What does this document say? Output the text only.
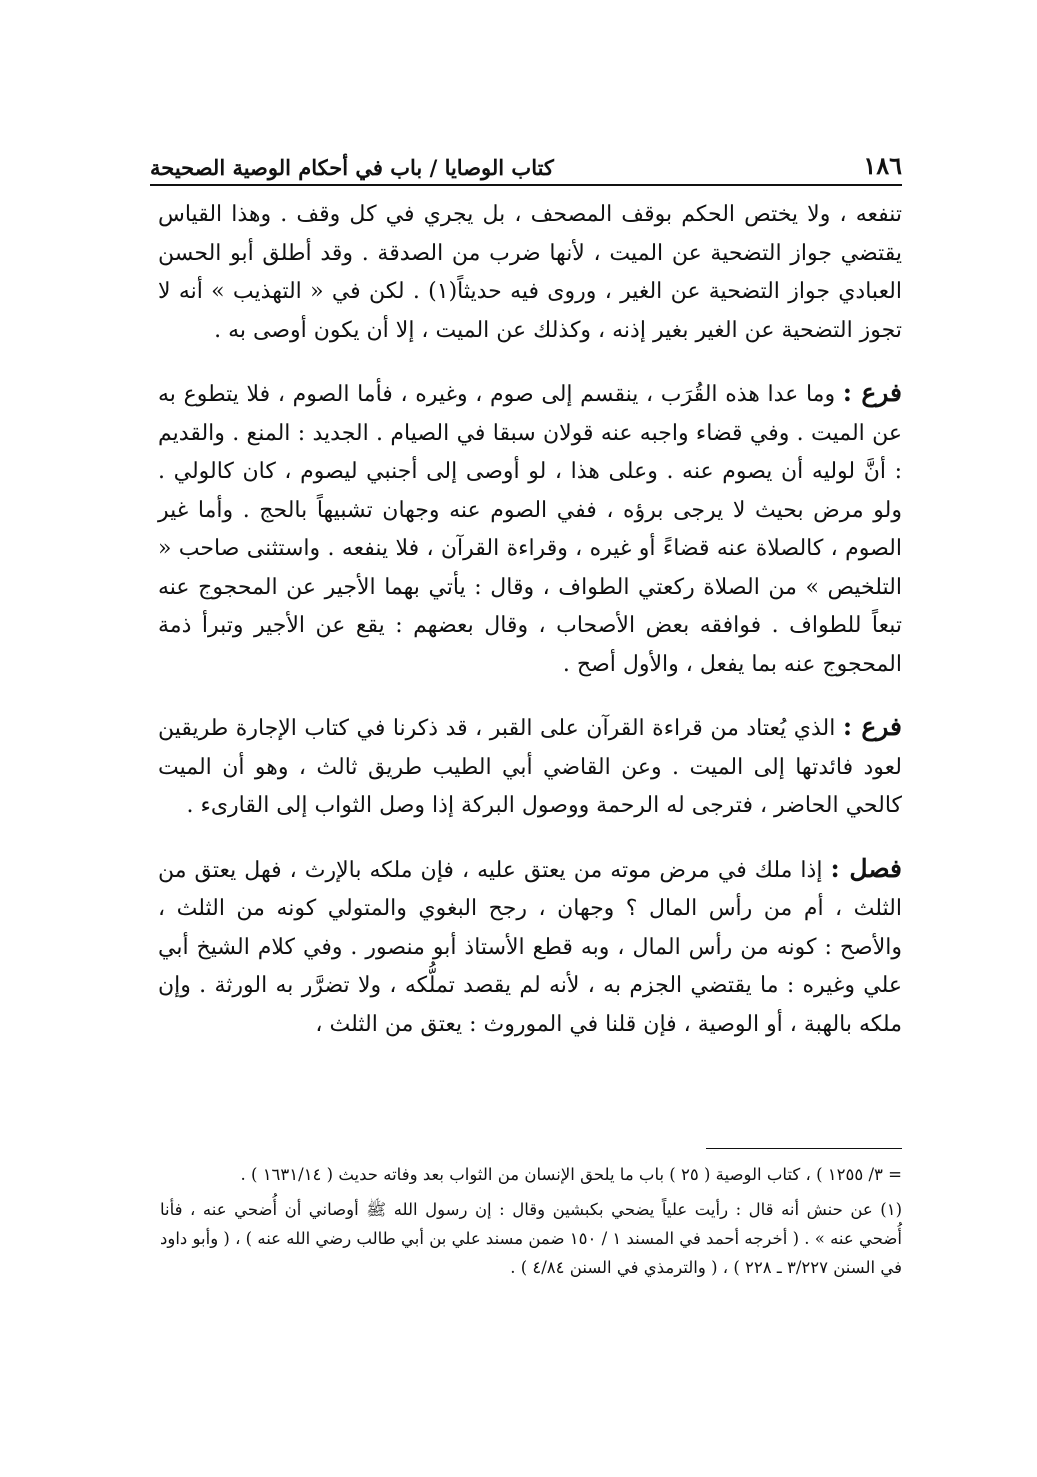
١٨٦
كتاب الوصايا / باب في أحكام الوصية الصحيحة

تنفعه ، ولا يختص الحكم بوقف المصحف ، بل يجري في كل وقف . وهذا القياس يقتضي جواز التضحية عن الميت ، لأنها ضرب من الصدقة . وقد أطلق أبو الحسن العبادي جواز التضحية عن الغير ، وروى فيه حديثاً(١) . لكن في « التهذيب » أنه لا تجوز التضحية عن الغير بغير إذنه ، وكذلك عن الميت ، إلا أن يكون أوصى به .

فرع : وما عدا هذه القُرَب ، ينقسم إلى صوم ، وغيره ، فأما الصوم ، فلا يتطوع به عن الميت . وفي قضاء واجبه عنه قولان سبقا في الصيام . الجديد : المنع . والقديم : أنَّ لوليه أن يصوم عنه . وعلى هذا ، لو أوصى إلى أجنبي ليصوم ، كان كالولي . ولو مرض بحيث لا يرجى برؤه ، ففي الصوم عنه وجهان تشبيهاً بالحج . وأما غير الصوم ، كالصلاة عنه قضاءً أو غيره ، وقراءة القرآن ، فلا ينفعه . واستثنى صاحب « التلخيص » من الصلاة ركعتي الطواف ، وقال : يأتي بهما الأجير عن المحجوج عنه تبعاً للطواف . فوافقه بعض الأصحاب ، وقال بعضهم : يقع عن الأجير وتبرأ ذمة المحجوج عنه بما يفعل ، والأول أصح .

فرع : الذي يُعتاد من قراءة القرآن على القبر ، قد ذكرنا في كتاب الإجارة طريقين لعود فائدتها إلى الميت . وعن القاضي أبي الطيب طريق ثالث ، وهو أن الميت كالحي الحاضر ، فترجى له الرحمة ووصول البركة إذا وصل الثواب إلى القارىء .

فصل : إذا ملك في مرض موته من يعتق عليه ، فإن ملكه بالإرث ، فهل يعتق من الثلث ، أم من رأس المال ؟ وجهان ، رجح البغوي والمتولي كونه من الثلث ، والأصح : كونه من رأس المال ، وبه قطع الأستاذ أبو منصور . وفي كلام الشيخ أبي علي وغيره : ما يقتضي الجزم به ، لأنه لم يقصد تملُّكه ، ولا تضرَّر به الورثة . وإن ملكه بالهبة ، أو الوصية ، فإن قلنا في الموروث : يعتق من الثلث ،

= ٣/ ١٢٥٥ ) ، كتاب الوصية ( ٢٥ ) باب ما يلحق الإنسان من الثواب بعد وفاته حديث ( ١٦٣١/١٤ ) .

(١) عن حنش أنه قال : رأيت علياً يضحي بكبشين وقال : إن رسول الله ﷺ أوصاني أن أُضحي عنه ، فأنا أُضحي عنه » . ( أخرجه أحمد في المسند ١ / ١٥٠ ضمن مسند علي بن أبي طالب رضي الله عنه ) ، ( وأبو داود في السنن ٣/٢٢٧ ـ ٢٢٨ ) ، ( والترمذي في السنن ٤/٨٤ ) .
